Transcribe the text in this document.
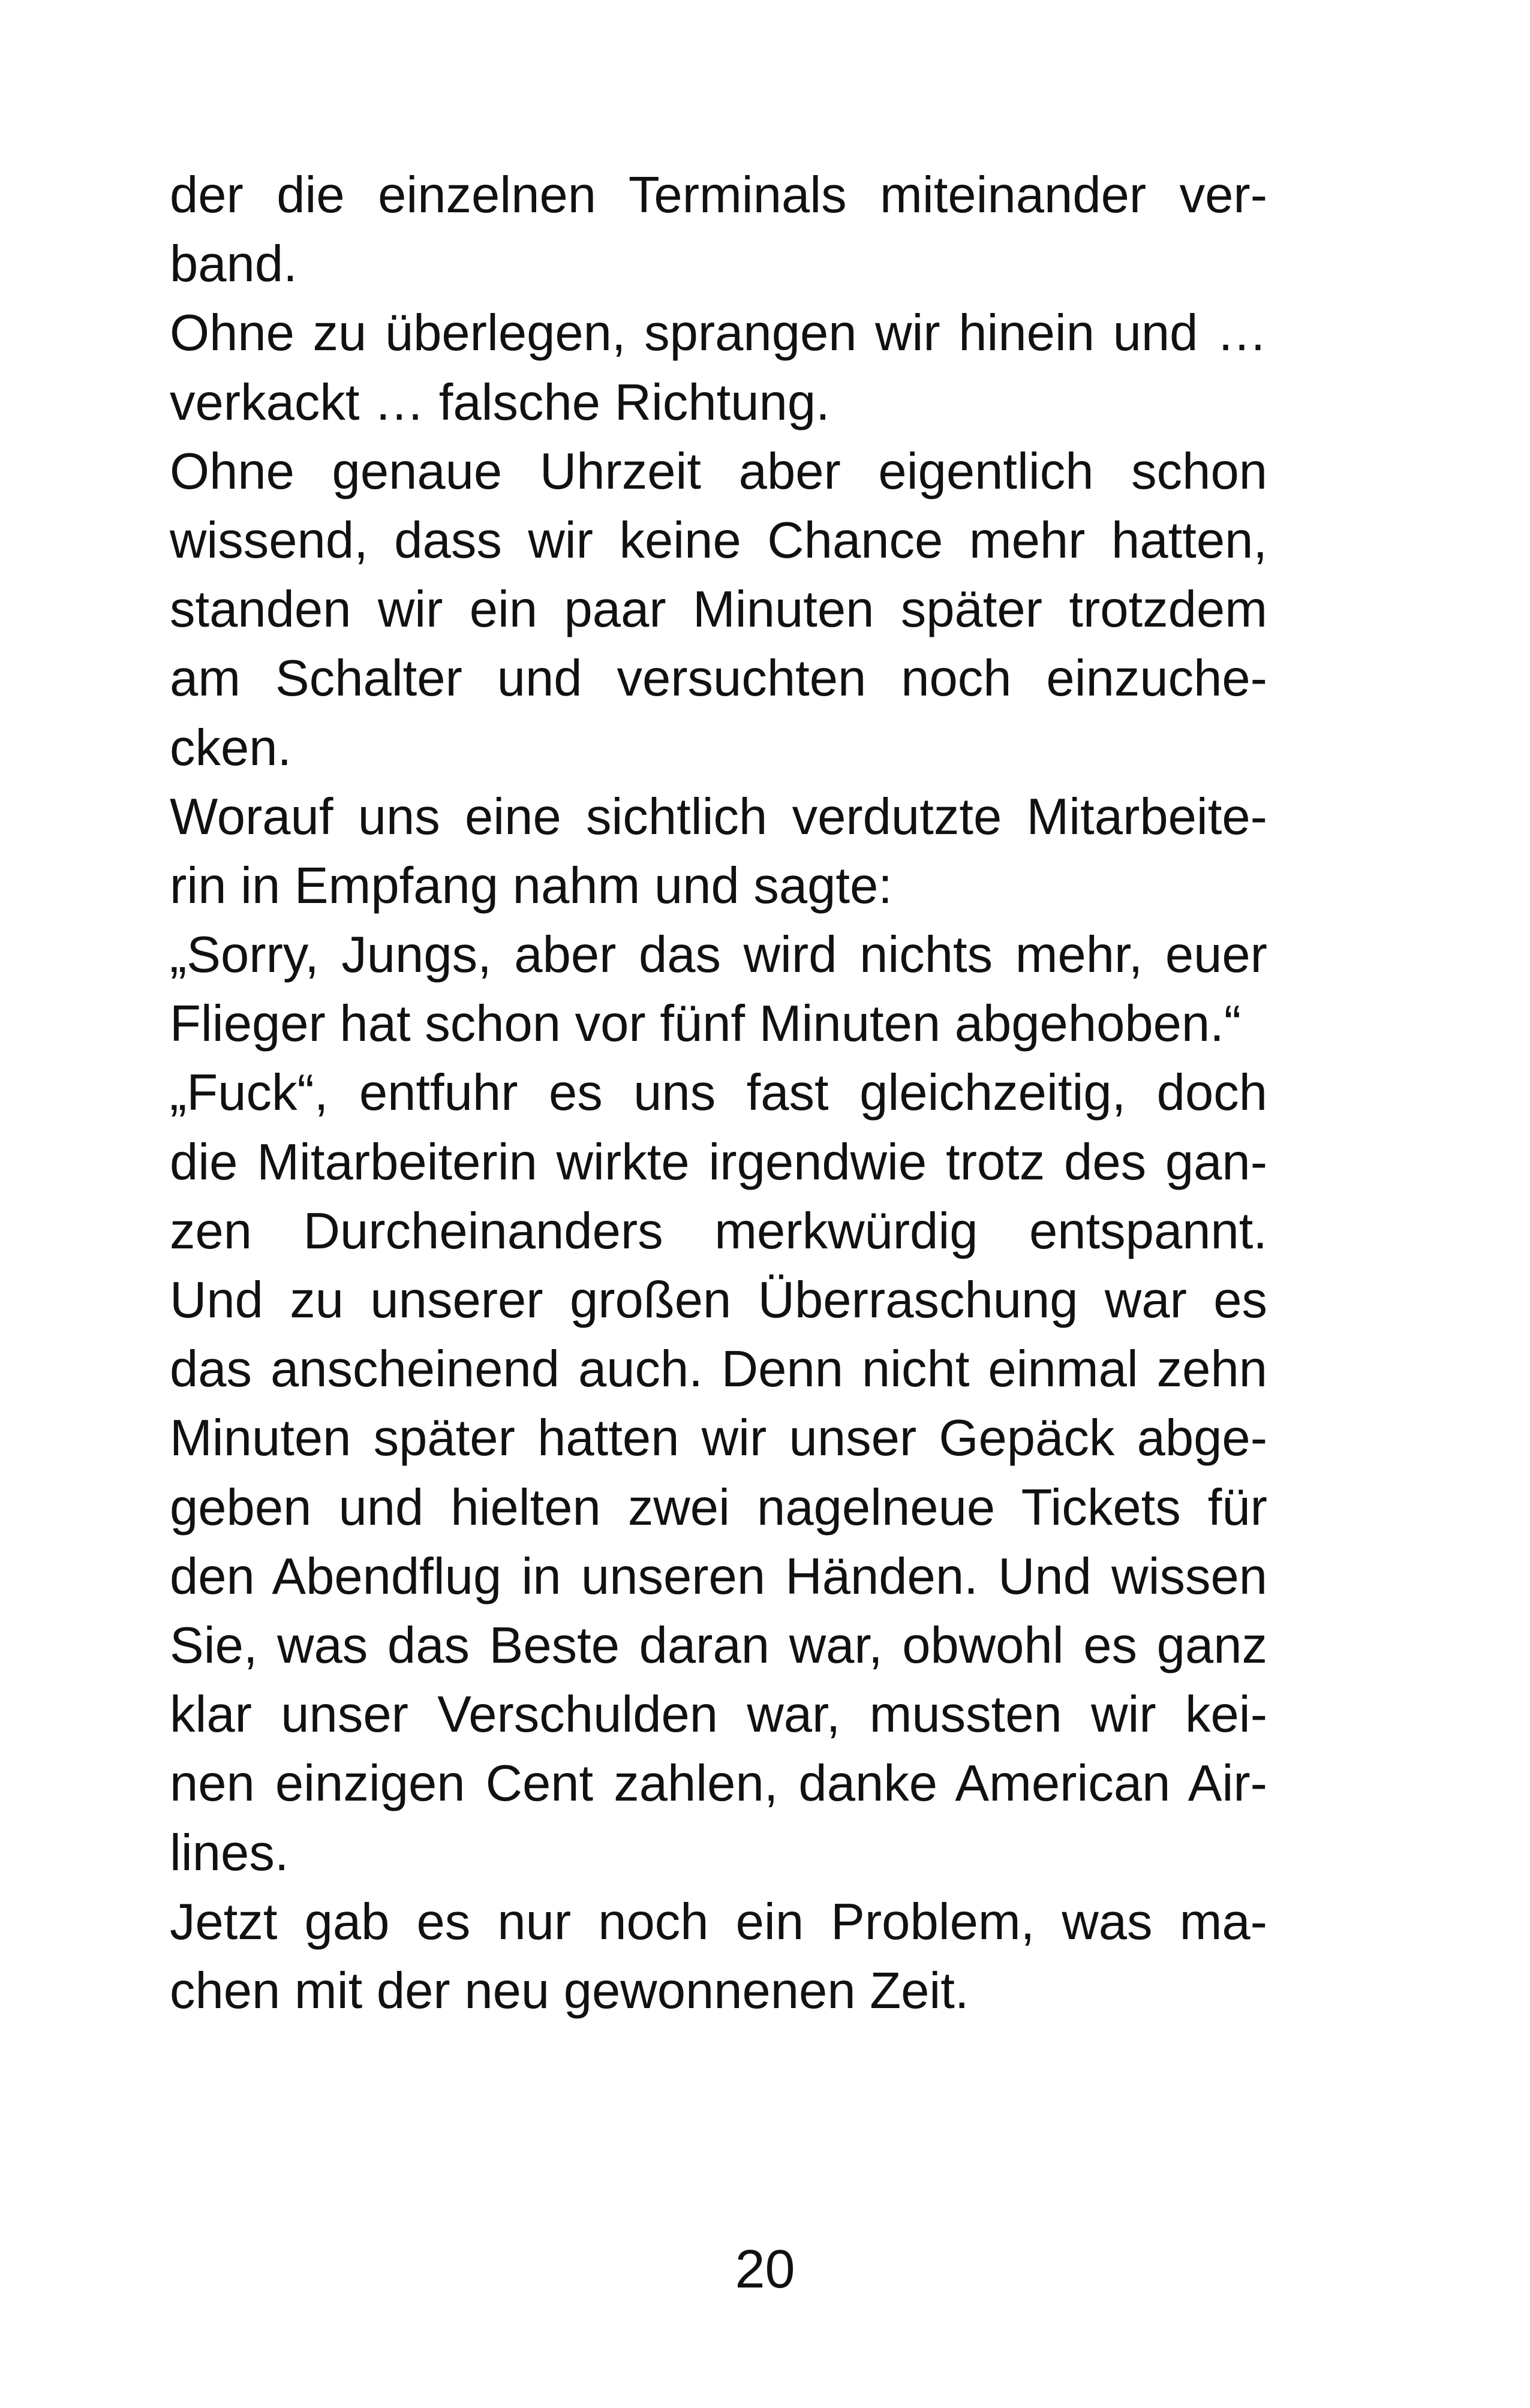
der die einzelnen Terminals miteinander ver-
band.
Ohne zu überlegen, sprangen wir hinein und …
verkackt … falsche Richtung.
Ohne genaue Uhrzeit aber eigentlich schon
wissend, dass wir keine Chance mehr hatten,
standen wir ein paar Minuten später trotzdem
am Schalter und versuchten noch einzuche-
cken.
Worauf uns eine sichtlich verdutzte Mitarbeite-
rin in Empfang nahm und sagte:
„Sorry, Jungs, aber das wird nichts mehr, euer
Flieger hat schon vor fünf Minuten abgehoben.“
„Fuck“, entfuhr es uns fast gleichzeitig, doch
die Mitarbeiterin wirkte irgendwie trotz des gan-
zen Durcheinanders merkwürdig entspannt.
Und zu unserer großen Überraschung war es
das anscheinend auch. Denn nicht einmal zehn
Minuten später hatten wir unser Gepäck abge-
geben und hielten zwei nagelneue Tickets für
den Abendflug in unseren Händen. Und wissen
Sie, was das Beste daran war, obwohl es ganz
klar unser Verschulden war, mussten wir kei-
nen einzigen Cent zahlen, danke American Air-
lines.
Jetzt gab es nur noch ein Problem, was ma-
chen mit der neu gewonnenen Zeit.
20
